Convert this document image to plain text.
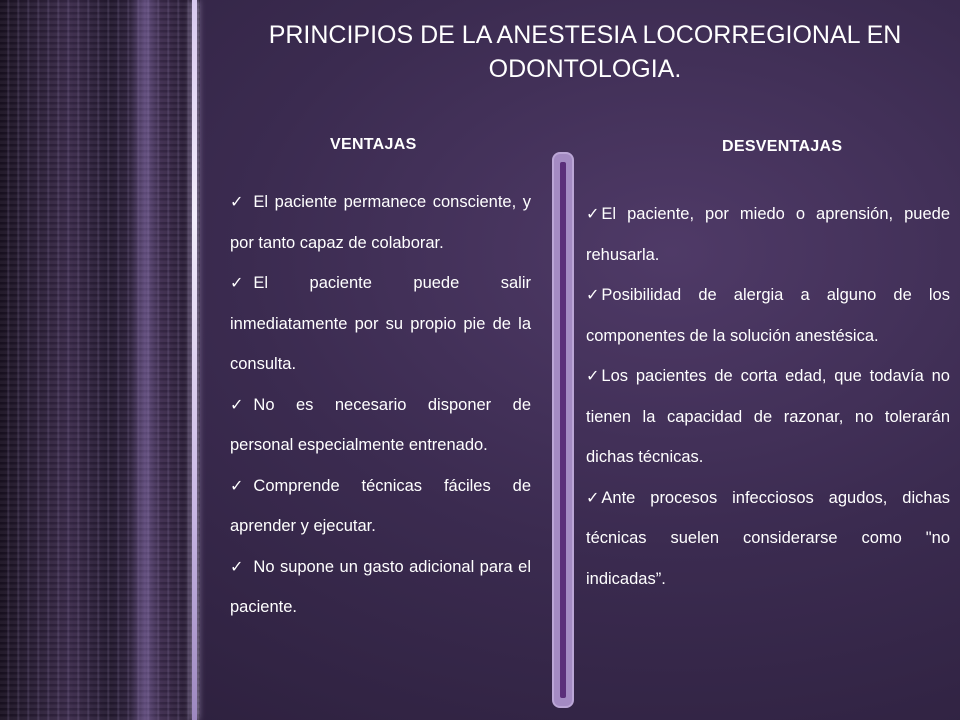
PRINCIPIOS DE LA ANESTESIA LOCORREGIONAL EN ODONTOLOGIA.
VENTAJAS	DESVENTAJAS
✓ El paciente permanece consciente, y por tanto capaz de colaborar.
✓ El paciente puede salir inmediatamente por su propio pie de la consulta.
✓ No es necesario disponer de personal especialmente entrenado.
✓ Comprende técnicas fáciles de aprender y ejecutar.
✓ No supone un gasto adicional para el paciente.
✓ El paciente, por miedo o aprensión, puede rehusarla.
✓ Posibilidad de alergia a alguno de los componentes de la solución anestésica.
✓ Los pacientes de corta edad, que todavía no tienen la capacidad de razonar, no tolerarán dichas técnicas.
✓ Ante procesos infecciosos agudos, dichas técnicas suelen considerarse como "no indicadas”.
